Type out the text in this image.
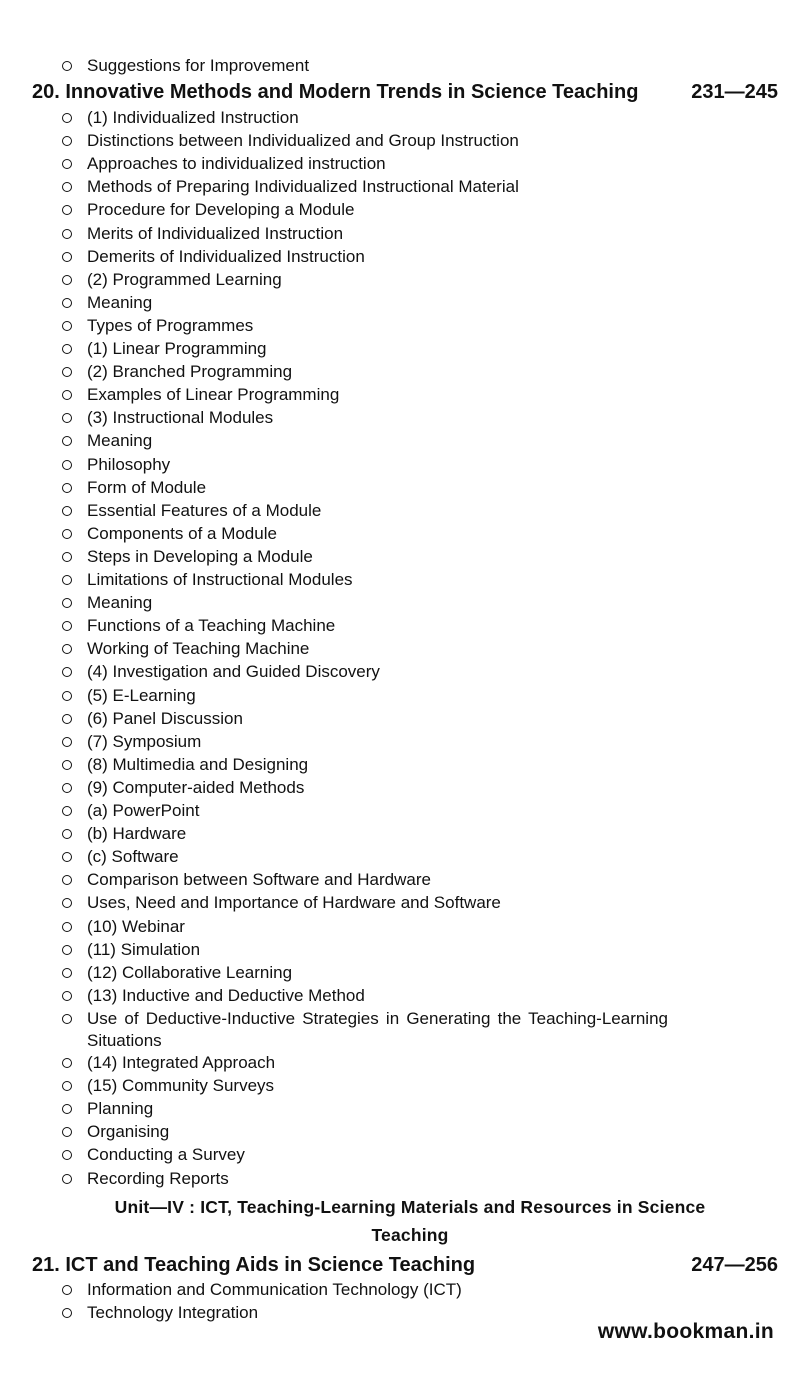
Suggestions for Improvement
20. Innovative Methods and Modern Trends in Science Teaching	231—245
(1) Individualized Instruction
Distinctions between Individualized and Group Instruction
Approaches to individualized instruction
Methods of Preparing Individualized Instructional Material
Procedure for Developing a Module
Merits of Individualized Instruction
Demerits of Individualized Instruction
(2) Programmed Learning
Meaning
Types of Programmes
(1) Linear Programming
(2) Branched Programming
Examples of Linear Programming
(3) Instructional Modules
Meaning
Philosophy
Form of Module
Essential Features of a Module
Components of a Module
Steps in Developing a Module
Limitations of Instructional Modules
Meaning
Functions of a Teaching Machine
Working of Teaching Machine
(4) Investigation and Guided Discovery
(5) E-Learning
(6) Panel Discussion
(7) Symposium
(8) Multimedia and Designing
(9) Computer-aided Methods
(a) PowerPoint
(b) Hardware
(c) Software
Comparison between Software and Hardware
Uses, Need and Importance of Hardware and Software
(10) Webinar
(11) Simulation
(12) Collaborative Learning
(13) Inductive and Deductive Method
Use of Deductive-Inductive Strategies in Generating the Teaching-Learning Situations
(14) Integrated Approach
(15) Community Surveys
Planning
Organising
Conducting a Survey
Recording Reports
Unit—IV : ICT, Teaching-Learning Materials and Resources in Science
Teaching
21. ICT and Teaching Aids in Science Teaching	247—256
Information and Communication Technology (ICT)
Technology Integration
www.bookman.in
